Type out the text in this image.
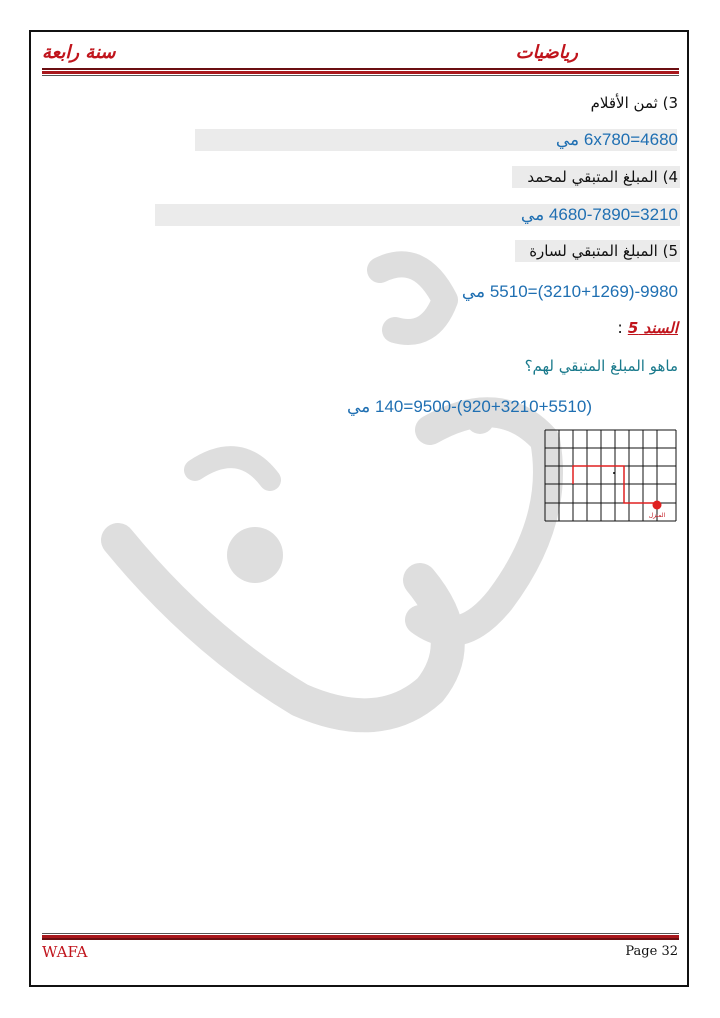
رياضيات
سنة رابعة
3) ثمن الأقلام
4680=6x780 مي
4) المبلغ المتبقي لمحمد
3210=4680-7890 مي
5) المبلغ المتبقي لسارة
9980-(3210+1269)=5510 مي
السند 5 :
ماهو المبلغ المتبقي لهم؟
(920+3210+5510)-9500=140 مي
المنزل
WAFA	Page 32
